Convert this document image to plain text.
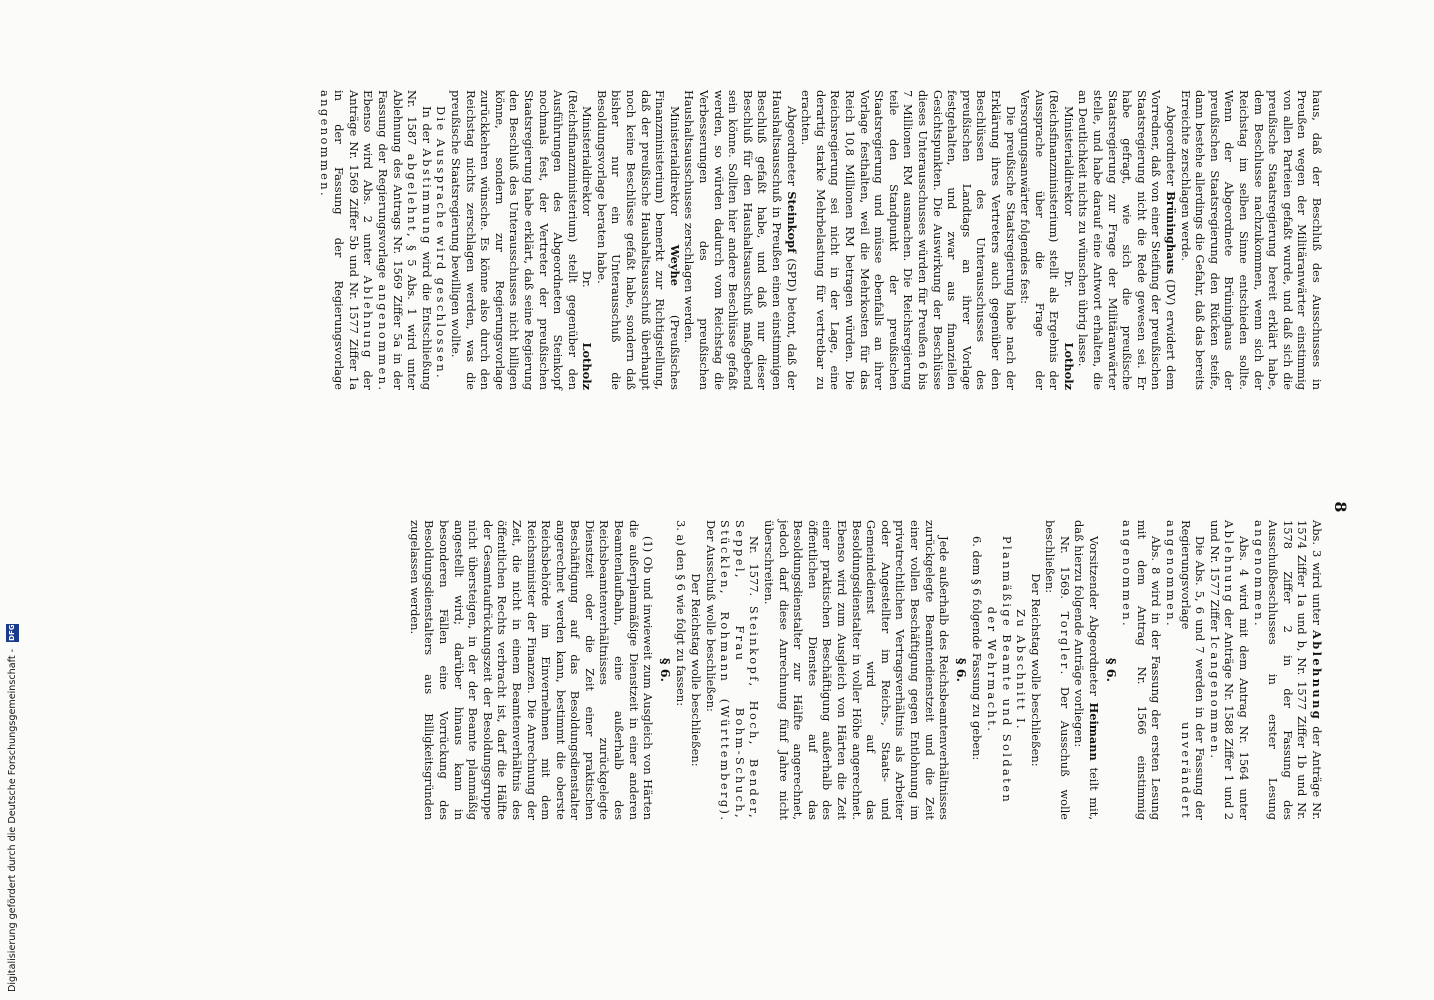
8

haus, daß der Beschluß des Ausschusses in Preußen wegen der Militäranwärter einstimmig von allen Parteien gefaßt wurde, und daß sich die preußische Staatsregierung bereit erklärt habe, dem Beschlusse nachzukommen, wenn sich der Reichstag im selben Sinne entschieden sollte. Wenn der Abgeordnete Brüninghaus der preußischen Staatsregierung den Rücken steife, dann bestehe allerdings die Gefahr, daß das bereits Erreichte zerschlagen werde.

Abgeordneter Brüninghaus (DV) erwidert dem Vorredner, daß von einer Steifung der preußischen Staatsregierung nicht die Rede gewesen sei. Er habe gefragt, wie sich die preußische Staatsregierung zur Frage der Militäranwärter stelle, und habe darauf eine Antwort erhalten, die an Deutlichkeit nichts zu wünschen übrig lasse.

Ministerialdirektor Dr. Lotholz (Reichsfinanzministerium) stellt als Ergebnis der Aussprache über die Frage der Versorgungsanwärter folgendes fest:

Die preußische Staatsregierung habe nach der Erklärung ihres Vertreters auch gegenüber den Beschlüssen des Unterausschusses des preußischen Landtags an ihrer Vorlage festgehalten, und zwar aus finanziellen Gesichtspunkten. Die Auswirkung der Beschlüsse dieses Unterausschusses würden für Preußen 6 bis 7 Millionen RM ausmachen. Die Reichsregierung teile den Standpunkt der preußischen Staatsregierung und müsse ebenfalls an ihrer Vorlage festhalten, weil die Mehrkosten für das Reich 10,8 Millionen RM betragen würden. Die Reichsregierung sei nicht in der Lage, eine derartig starke Mehrbelastung für vertretbar zu erachten.

Abgeordneter Steinkopf (SPD) betont, daß der Haushaltsausschuß in Preußen einen einstimmigen Beschluß gefaßt habe, und daß nur dieser Beschluß für den Haushaltsausschuß maßgebend sein könne. Sollten hier andere Beschlüsse gefaßt werden, so würden dadurch vom Reichstag die Verbesserungen des preußischen Haushaltsausschusses zerschlagen werden.

Ministerialdirektor Weyhe (Preußisches Finanzministerium) bemerkt zur Richtigstellung, daß der preußische Haushaltsausschuß überhaupt noch keine Beschlüsse gefaßt habe, sondern daß bisher nur ein Unterausschuß die Besoldungsvorlage beraten habe.

Ministerialdirektor Dr. Lotholz (Reichsfinanzministerium) stellt gegenüber den Ausführungen des Abgeordneten Steinkopf nochmals fest, der Vertreter der preußischen Staatsregierung habe erklärt, daß seine Regierung den Beschluß des Unterausschusses nicht billigen könne, sondern zur Regierungsvorlage zurückkehren wünsche. Es könne also durch den Reichstag nichts zerschlagen werden, was die preußische Staatsregierung bewilligen wollte.

Die Aussprache wird geschlossen.

In der Abstimmung wird die Entschließung Nr. 1587 abgelehnt, § 5 Abs. 1 wird unter Ablehnung des Antrags Nr. 1569 Ziffer 5a in der Fassung der Regierungsvorlage angenommen. Ebenso wird Abs. 2 unter Ablehnung der Anträge Nr. 1569 Ziffer 5b und Nr. 1577 Ziffer 1a in der Fassung der Regierungsvorlage angenommen.

Abs. 3 wird unter Ablehnung der Anträge Nr. 1574 Ziffer 1a und b, Nr. 1577 Ziffer 1b und Nr. 1578 Ziffer 2 in der Fassung des Ausschußbeschlusses in erster Lesung angenommen.

Abs. 4 wird mit dem Antrag Nr. 1564 unter Ablehnung der Anträge Nr. 1588 Ziffer 1 und 2 und Nr. 1577 Ziffer 1c angenommen.

Die Abs. 5, 6 und 7 werden in der Fassung der Regierungsvorlage unverändert angenommen.

Abs. 8 wird in der Fassung der ersten Lesung mit dem Antrag Nr. 1566 einstimmig angenommen.

§ 6.

Vorsitzender Abgeordneter Heimann teilt mit, daß hierzu folgende Anträge vorliegen:

Nr. 1569. Torgler. Der Ausschuß wolle beschließen:

Der Reichstag wolle beschließen:

Zu Abschnitt I.

Planmäßige Beamte und Soldaten der Wehrmacht.

6. dem § 6 folgende Fassung zu geben:

§ 6.

Jede außerhalb des Reichsbeamtenverhältnisses zurückgelegte Beamtendienstzeit und die Zeit einer vollen Beschäftigung gegen Entlohnung im privatrechtlichen Vertragsverhältnis als Arbeiter oder Angestellter im Reichs-, Staats- und Gemeindedienst wird auf das Besoldungsdienstalter in voller Höhe angerechnet. Ebenso wird zum Ausgleich von Härten die Zeit einer praktischen Beschäftigung außerhalb des öffentlichen Dienstes auf das Besoldungsdienstalter zur Hälfte angerechnet, jedoch darf diese Anrechnung fünf Jahre nicht überschreiten.

Nr. 1577. Steinkopf, Hoch, Bender, Seppel, Frau Bohm-Schuch, Stücklen, Rohmann (Württemberg). Der Ausschuß wolle beschließen:

Der Reichstag wolle beschließen:

3. a) den § 6 wie folgt zu fassen:

§ 6.

(1) Ob und inwieweit zum Ausgleich von Härten die außerplanmäßige Dienstzeit in einer anderen Beamtenlaufbahn, eine außerhalb des Reichsbeamtenverhältnisses zurückgelegte Dienstzeit oder die Zeit einer praktischen Beschäftigung auf das Besoldungsdienstalter angerechnet werden kann, bestimmt die oberste Reichsbehörde im Einvernehmen mit dem Reichsminister der Finanzen. Die Anrechnung der Zeit, die nicht in einem Beamtenverhältnis des öffentlichen Rechts verbracht ist, darf die Hälfte der Gesamtaufrückungszeit der Besoldungsgruppe nicht übersteigen, in der der Beamte planmäßig angestellt wird; darüber hinaus kann in besonderen Fällen eine Vorrückung des Besoldungsdienstalters aus Billigkeitsgründen zugelassen werden.

Digitalisierung gefördert durch die Deutsche Forschungsgemeinschaft - DFG
